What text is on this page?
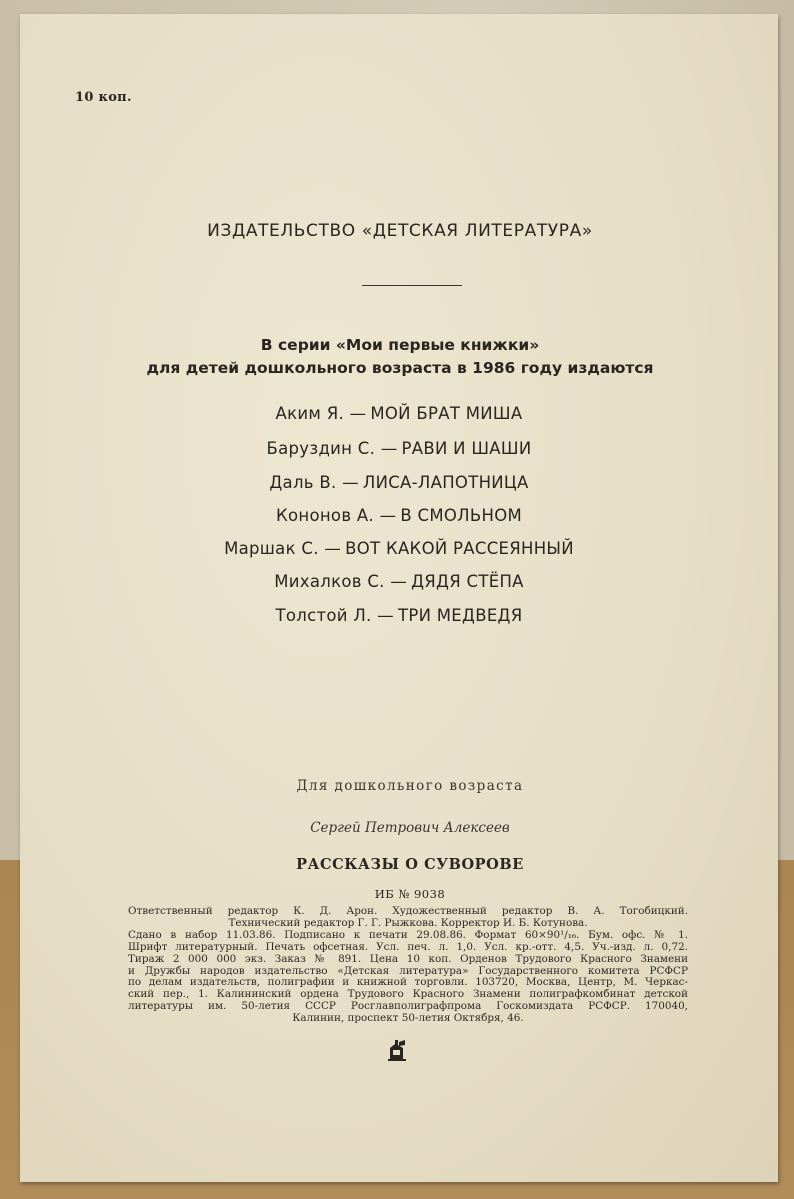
10 коп.
ИЗДАТЕЛЬСТВО «ДЕТСКАЯ ЛИТЕРАТУРА»
В серии «Мои первые книжки»
для детей дошкольного возраста в 1986 году издаются
Аким Я. — МОЙ БРАТ МИША
Баруздин С. — РАВИ И ШАШИ
Даль В. — ЛИСА-ЛАПОТНИЦА
Кононов А. — В СМОЛЬНОМ
Маршак С. — ВОТ КАКОЙ РАССЕЯННЫЙ
Михалков С. — ДЯДЯ СТЁПА
Толстой Л. — ТРИ МЕДВЕДЯ
Для дошкольного возраста
Сергей Петрович Алексеев
РАССКАЗЫ О СУВОРОВЕ
ИБ № 9038
Ответственный редактор К. Д. Арон. Художественный редактор В. А. Тогобицкий.
Технический редактор Г. Г. Рыжкова. Корректор И. Б. Котунова.
Сдано в набор 11.03.86. Подписано к печати 29.08.86. Формат 60×90¹/₁₆. Бум. офс. № 1.
Шрифт литературный. Печать офсетная. Усл. печ. л. 1,0. Усл. кр.-отт. 4,5. Уч.-изд. л. 0,72.
Тираж 2 000 000 экз. Заказ № 891. Цена 10 коп. Орденов Трудового Красного Знамени
и Дружбы народов издательство «Детская литература» Государственного комитета РСФСР
по делам издательств, полиграфии и книжной торговли. 103720, Москва, Центр, М. Черкас-
ский пер., 1. Калининский ордена Трудового Красного Знамени полиграфкомбинат детской
литературы им. 50-летия СССР Росглавполиграфпрома Госкомиздата РСФСР. 170040,
Калинин, проспект 50-летия Октября, 46.
